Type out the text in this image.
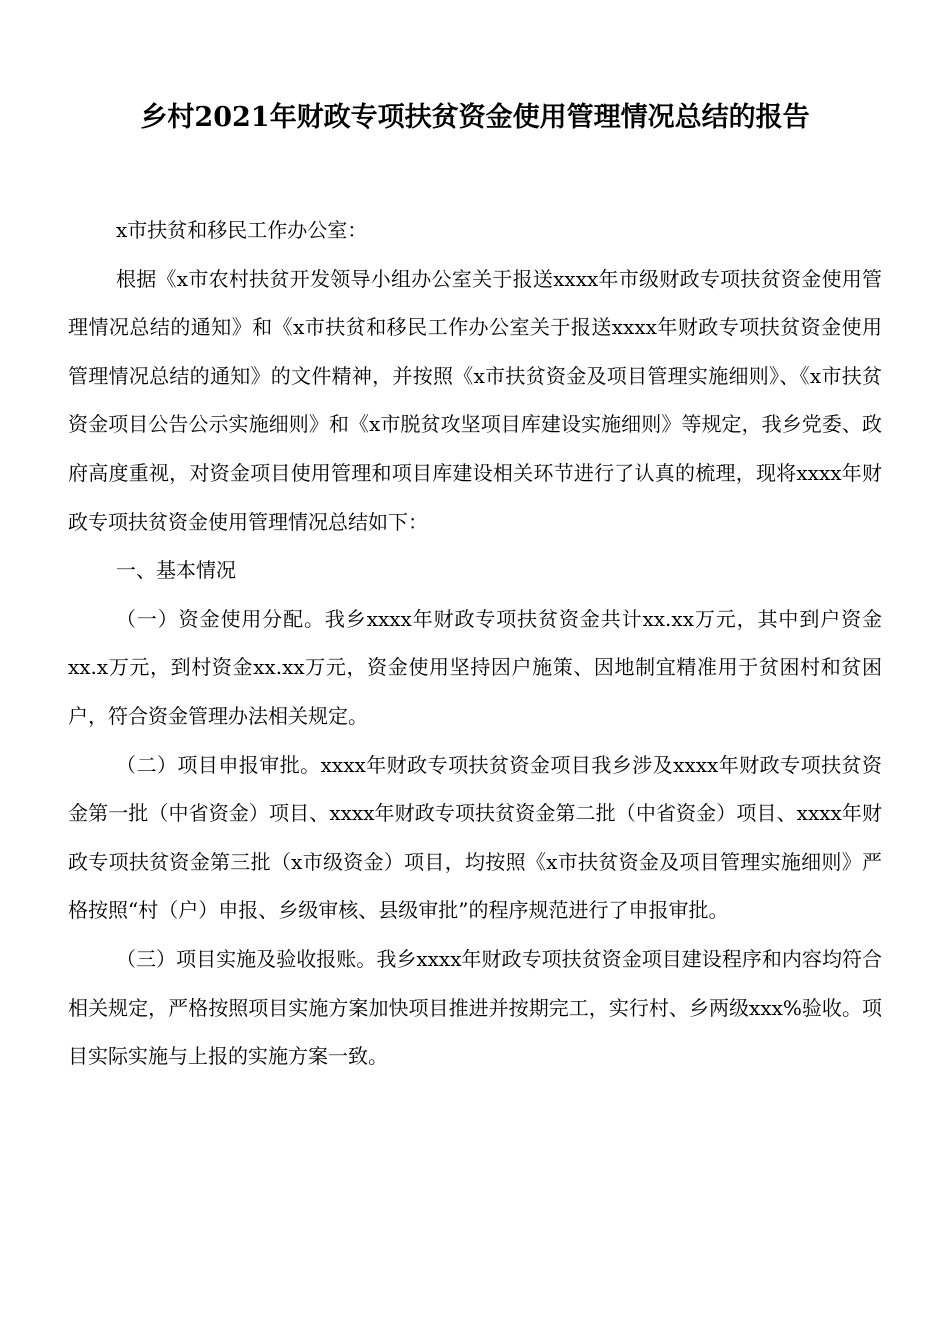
乡村2021年财政专项扶贫资金使用管理情况总结的报告

x市扶贫和移民工作办公室：

根据《x市农村扶贫开发领导小组办公室关于报送xxxx年市级财政专项扶贫资金使用管理情况总结的通知》和《x市扶贫和移民工作办公室关于报送xxxx年财政专项扶贫资金使用管理情况总结的通知》的文件精神，并按照《x市扶贫资金及项目管理实施细则》、《x市扶贫资金项目公告公示实施细则》和《x市脱贫攻坚项目库建设实施细则》等规定，我乡党委、政府高度重视，对资金项目使用管理和项目库建设相关环节进行了认真的梳理，现将xxxx年财政专项扶贫资金使用管理情况总结如下：

一、基本情况

（一）资金使用分配。我乡xxxx年财政专项扶贫资金共计xx.xx万元，其中到户资金xx.x万元，到村资金xx.xx万元，资金使用坚持因户施策、因地制宜精准用于贫困村和贫困户，符合资金管理办法相关规定。

（二）项目申报审批。xxxx年财政专项扶贫资金项目我乡涉及xxxx年财政专项扶贫资金第一批（中省资金）项目、xxxx年财政专项扶贫资金第二批（中省资金）项目、xxxx年财政专项扶贫资金第三批（x市级资金）项目，均按照《x市扶贫资金及项目管理实施细则》严格按照“村（户）申报、乡级审核、县级审批”的程序规范进行了申报审批。

（三）项目实施及验收报账。我乡xxxx年财政专项扶贫资金项目建设程序和内容均符合相关规定，严格按照项目实施方案加快项目推进并按期完工，实行村、乡两级xxx%验收。项目实际实施与上报的实施方案一致。
